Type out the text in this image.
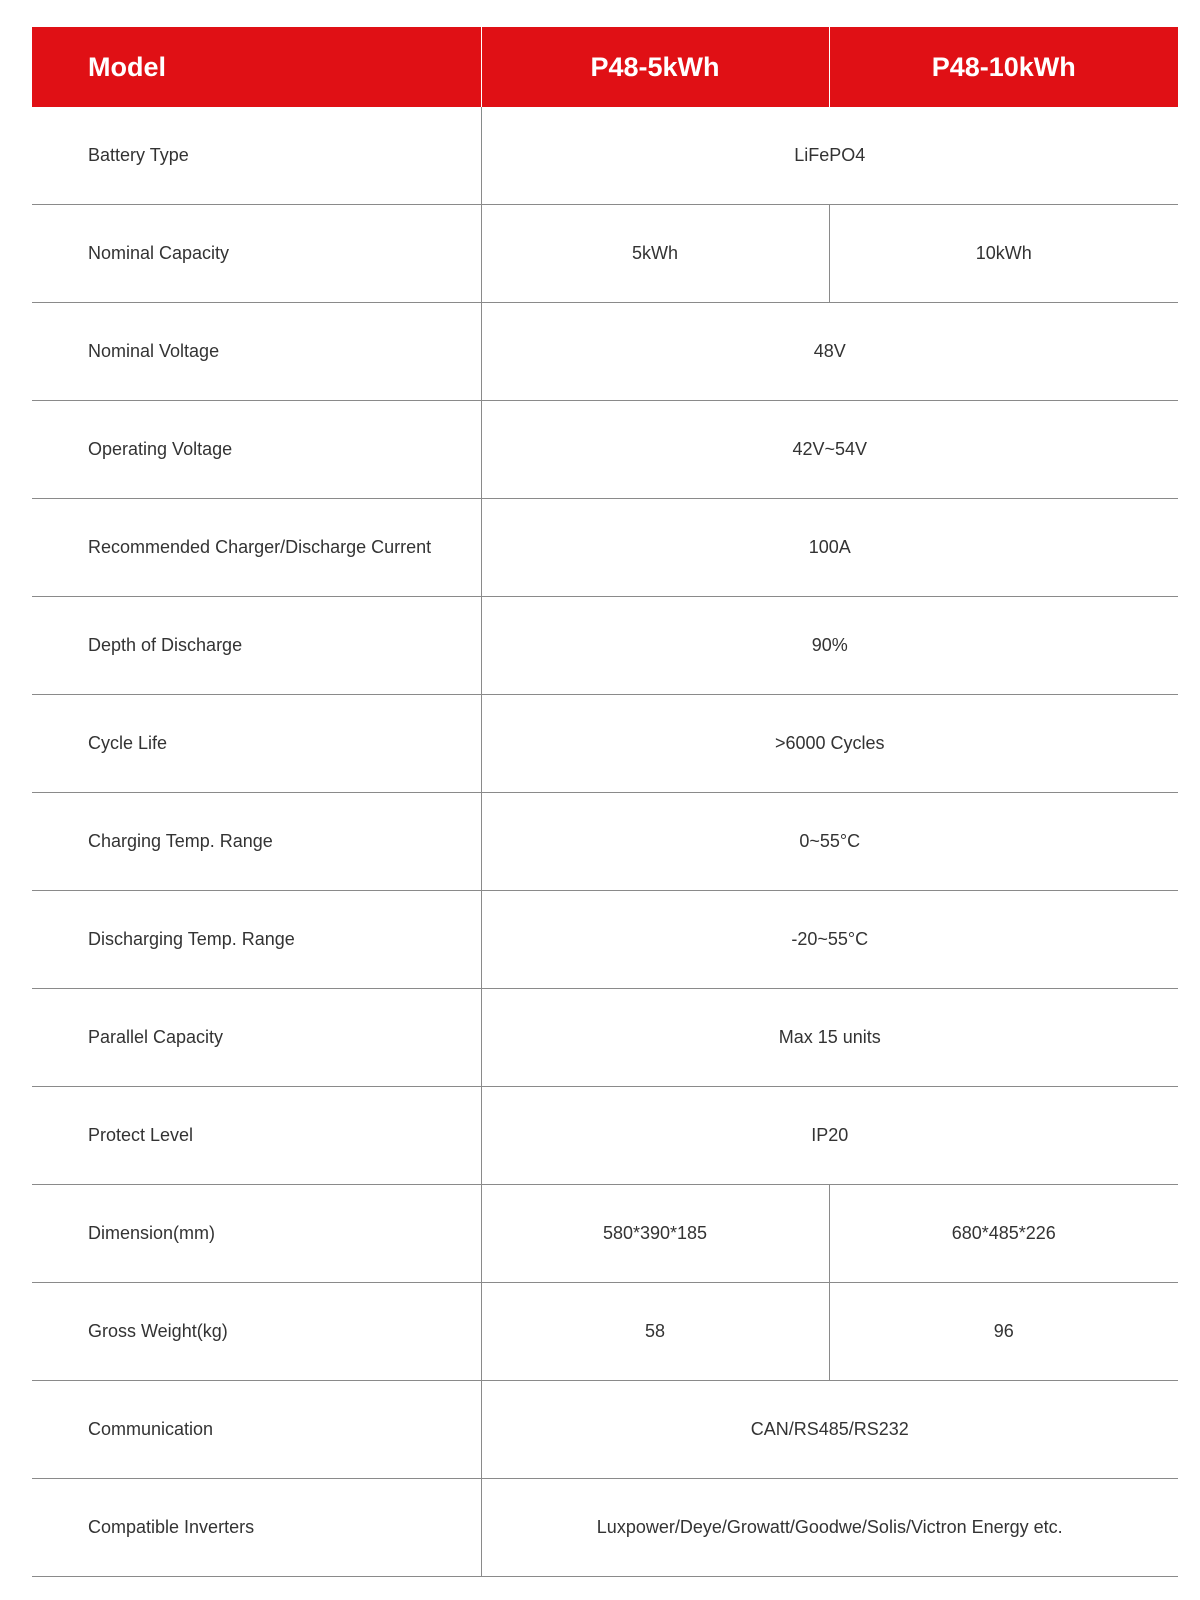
Model	P48-5kWh	P48-10kWh
Battery Type	LiFePO4	
Nominal Capacity	5kWh	10kWh
Nominal Voltage	48V	
Operating Voltage	42V~54V	
Recommended Charger/Discharge Current	100A	
Depth of Discharge	90%	
Cycle Life	>6000 Cycles	
Charging Temp. Range	0~55°C	
Discharging Temp. Range	-20~55°C	
Parallel Capacity	Max 15 units	
Protect Level	IP20	
Dimension(mm)	580*390*185	680*485*226
Gross Weight(kg)	58	96
Communication	CAN/RS485/RS232	
Compatible Inverters	Luxpower/Deye/Growatt/Goodwe/Solis/Victron Energy etc.	
